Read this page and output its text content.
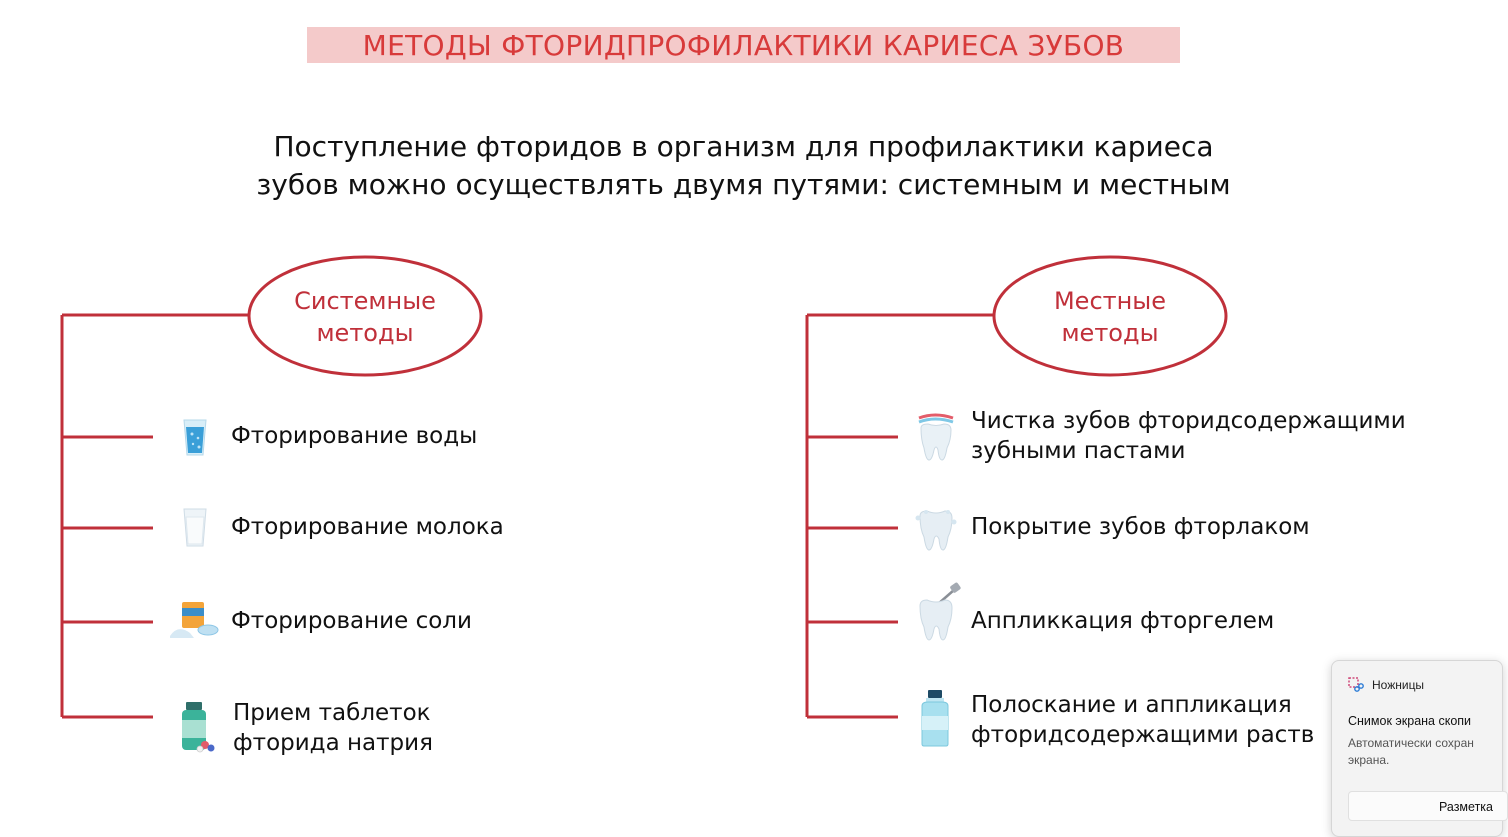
МЕТОДЫ ФТОРИДПРОФИЛАКТИКИ КАРИЕСА ЗУБОВ
Поступление фторидов в организм для профилактики кариеса
зубов можно осуществлять двумя путями: системным и местным
Системные
методы
Местные
методы
Фторирование воды
Фторирование молока
Фторирование соли
Прием таблеток
фторида натрия
Чистка зубов фторидсодержащими
зубными пастами
Покрытие зубов фторлаком
Аппликкация фторгелем
Полоскание и аппликация
фторидсодержащими раств
Ножницы
Снимок экрана скопи
Автоматически сохран экрана.
Разметка
